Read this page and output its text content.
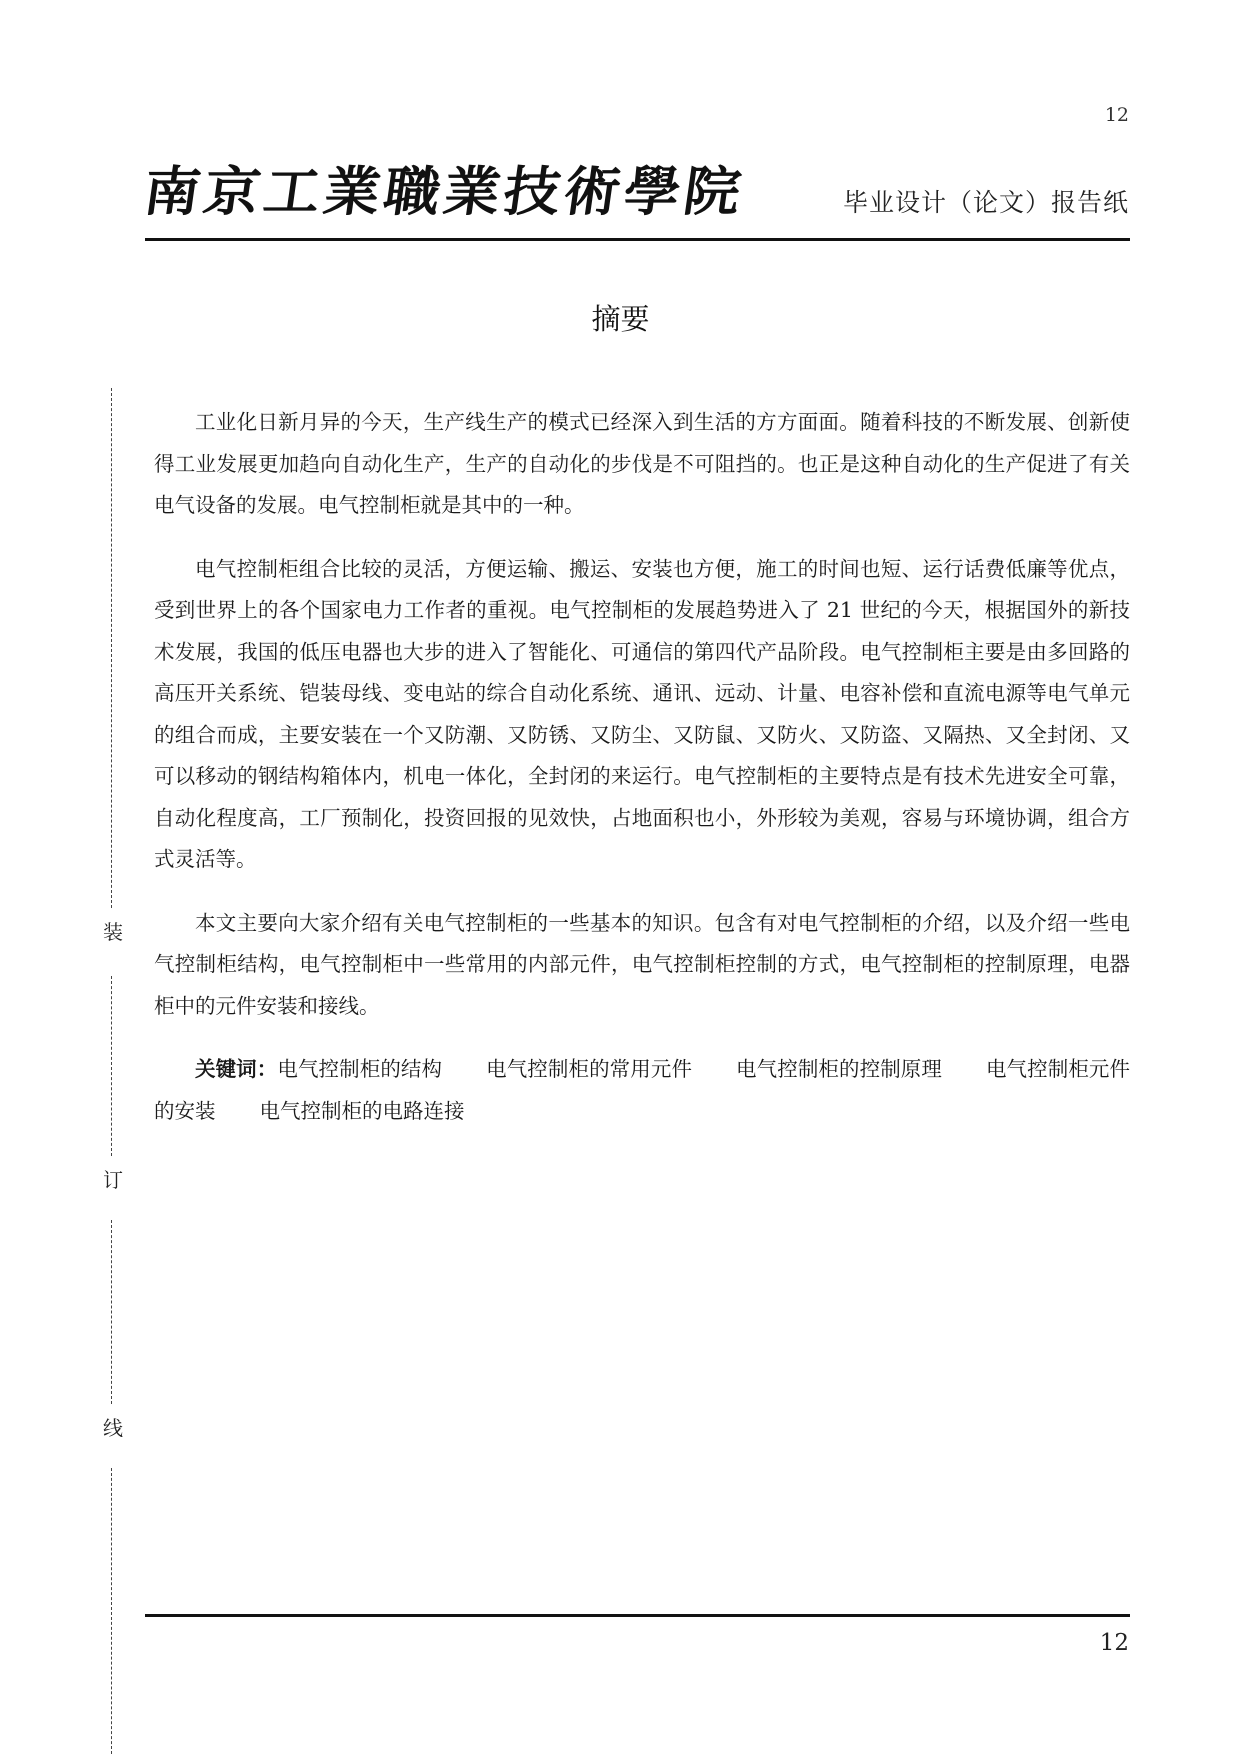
12
南京工業職業技術學院	毕业设计（论文）报告纸
摘要

工业化日新月异的今天，生产线生产的模式已经深入到生活的方方面面。随着科技的不断发展、创新使得工业发展更加趋向自动化生产，生产的自动化的步伐是不可阻挡的。也正是这种自动化的生产促进了有关电气设备的发展。电气控制柜就是其中的一种。

电气控制柜组合比较的灵活，方便运输、搬运、安装也方便，施工的时间也短、运行话费低廉等优点，受到世界上的各个国家电力工作者的重视。电气控制柜的发展趋势进入了 21 世纪的今天，根据国外的新技术发展，我国的低压电器也大步的进入了智能化、可通信的第四代产品阶段。电气控制柜主要是由多回路的高压开关系统、铠装母线、变电站的综合自动化系统、通讯、远动、计量、电容补偿和直流电源等电气单元的组合而成，主要安装在一个又防潮、又防锈、又防尘、又防鼠、又防火、又防盗、又隔热、又全封闭、又可以移动的钢结构箱体内，机电一体化，全封闭的来运行。电气控制柜的主要特点是有技术先进安全可靠，自动化程度高，工厂预制化，投资回报的见效快，占地面积也小，外形较为美观，容易与环境协调，组合方式灵活等。

本文主要向大家介绍有关电气控制柜的一些基本的知识。包含有对电气控制柜的介绍，以及介绍一些电气控制柜结构，电气控制柜中一些常用的内部元件，电气控制柜控制的方式，电气控制柜的控制原理，电器柜中的元件安装和接线。

关键词：电气控制柜的结构 电气控制柜的常用元件 电气控制柜的控制原理 电气控制柜元件的安装 电气控制柜的电路连接

12
装
订
线
